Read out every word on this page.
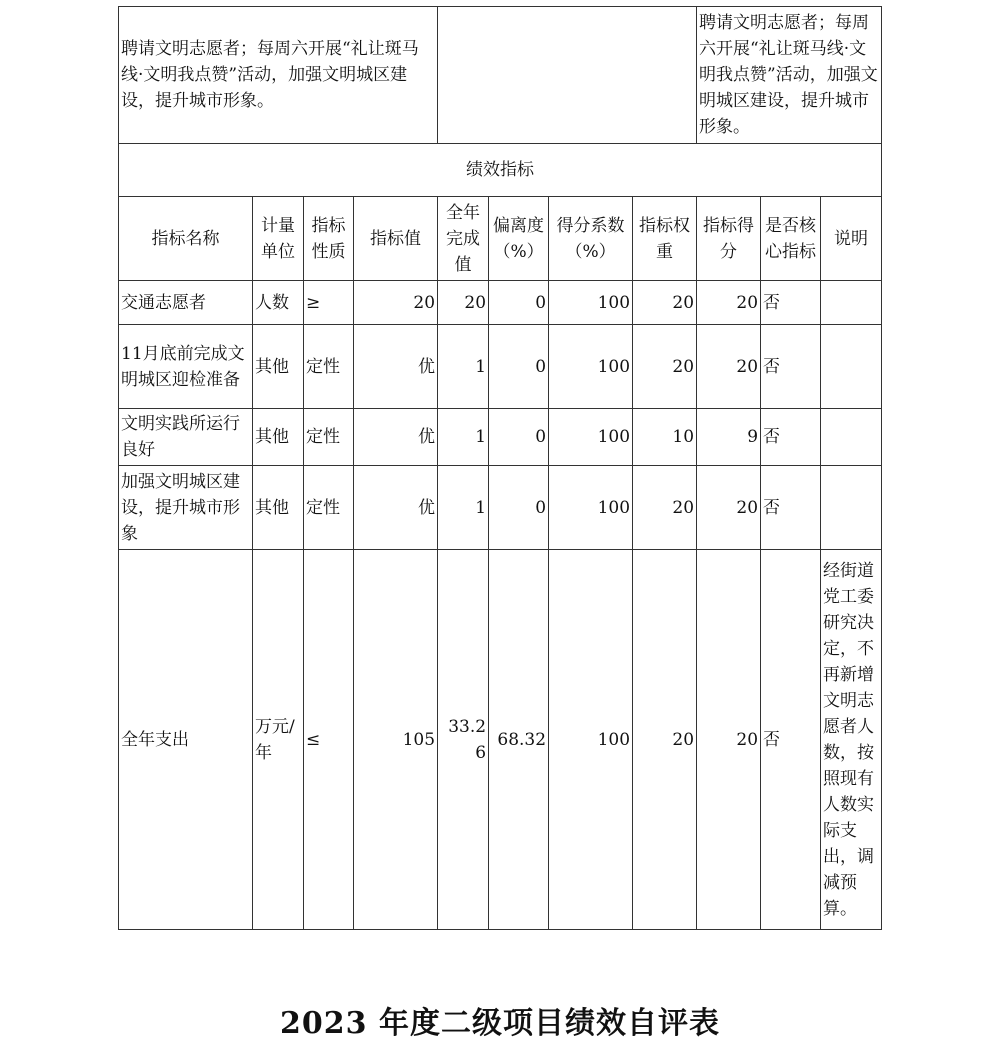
聘请文明志愿者；每周六开展“礼让斑马线·文明我点赞”活动，加强文明城区建设，提升城市形象。								聘请文明志愿者；每周六开展“礼让斑马线·文明我点赞”活动，加强文明城区建设，提升城市形象。		
绩效指标										
指标名称	计量单位	指标性质	指标值	全年完成值	偏离度（%）	得分系数（%）	指标权重	指标得分	是否核心指标	说明
交通志愿者	人数	≥	20	20	0	100	20	20	否	
11月底前完成文明城区迎检准备	其他	定性	优	1	0	100	20	20	否	
文明实践所运行良好	其他	定性	优	1	0	100	10	9	否	
加强文明城区建设，提升城市形象	其他	定性	优	1	0	100	20	20	否	
全年支出	万元/年	≤	105	33.26	68.32	100	20	20	否	经街道党工委研究决定，不再新增文明志愿者人数，按照现有人数实际支出，调减预算。
2023 年度二级项目绩效自评表
